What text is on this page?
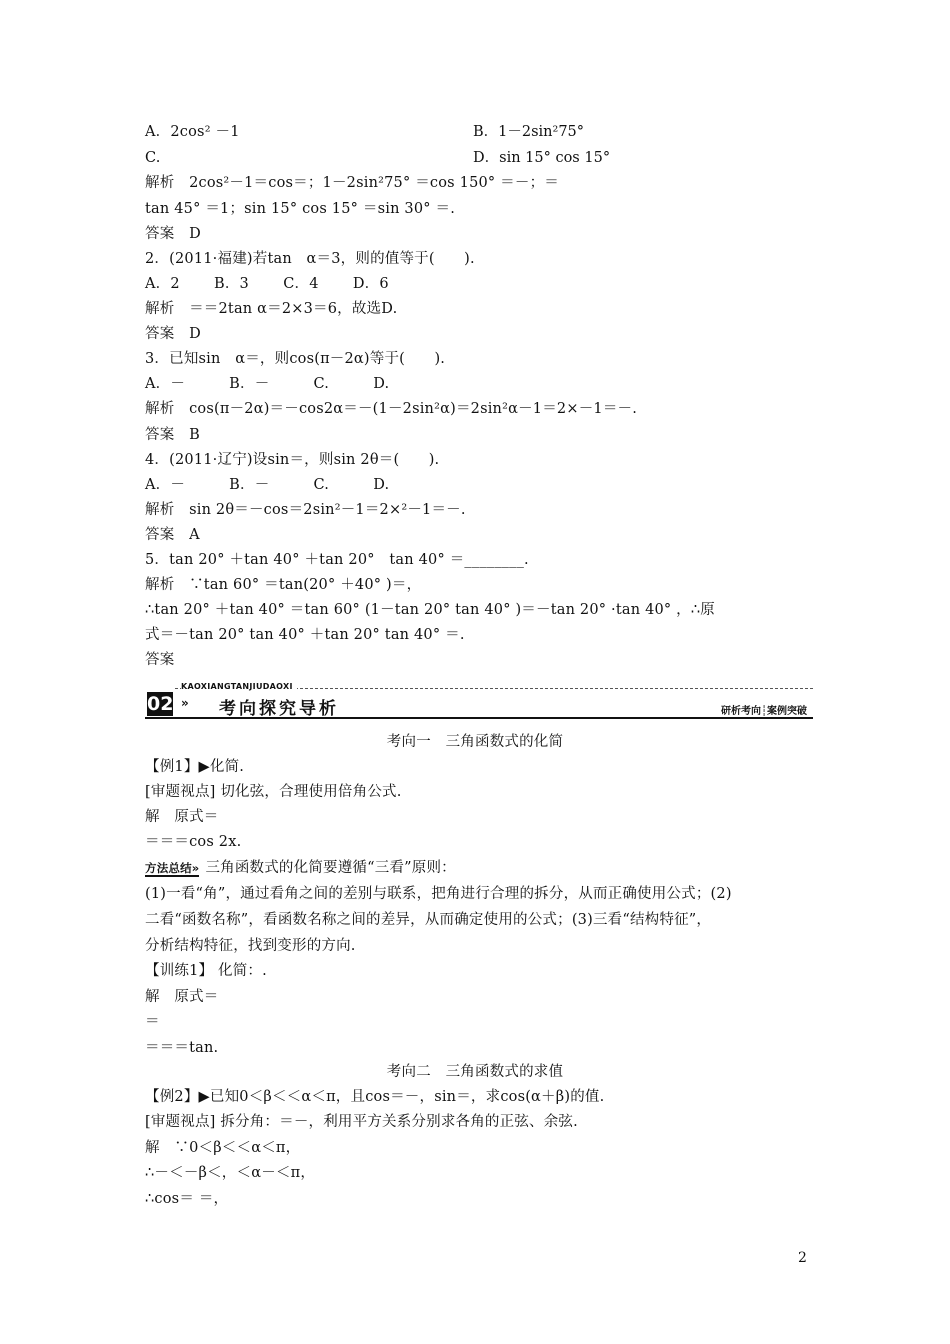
A．2cos² －1	B．1－2sin²75°
C.	D．sin 15° cos 15°
解析　2cos²－1＝cos＝；1－2sin²75° ＝cos 150° ＝－；＝
tan 45° ＝1；sin 15° cos 15° ＝sin 30° ＝.
答案　D
2．(2011·福建)若tan　α＝3，则的值等于(　　).
A．2　　 B．3　　 C．4　　 D．6
解析　＝＝2tan α＝2×3＝6，故选D.
答案　D
3．已知sin　α＝，则cos(π－2α)等于(　　).
A．－　　　B．－　　　C.　　　D.
解析　cos(π－2α)＝－cos2α＝－(1－2sin²α)＝2sin²α－1＝2×－1＝－.
答案　B
4．(2011·辽宁)设sin＝，则sin 2θ＝(　　).
A．－　　　B．－　　　C.　　　D.
解析　sin 2θ＝－cos＝2sin²－1＝2×²－1＝－.
答案　A
5．tan 20° ＋tan 40° ＋tan 20°　tan 40° ＝________.
解析　∵tan 60° ＝tan(20° ＋40° )＝，
∴tan 20° ＋tan 40° ＝tan 60° (1－tan 20° tan 40° )＝－tan 20° ·tan 40° ，∴原
式＝－tan 20° tan 40° ＋tan 20° tan 40° ＝.
答案
KAOXIANGTANJIUDAOXI
02 » 考向探究导析	研析考向┆案例突破
考向一　三角函数式的化简
【例1】▶化简.
[审题视点] 切化弦，合理使用倍角公式.
解　原式＝
＝＝＝cos 2x.
方法总结» 三角函数式的化简要遵循“三看”原则：
(1)一看“角”，通过看角之间的差别与联系，把角进行合理的拆分，从而正确使用公式；(2)
二看“函数名称”，看函数名称之间的差异，从而确定使用的公式；(3)三看“结构特征”，
分析结构特征，找到变形的方向.
【训练1】 化简：.
解　原式＝
＝
＝＝＝tan.
考向二　三角函数式的求值
【例2】▶已知0＜β＜＜α＜π，且cos＝－，sin＝，求cos(α＋β)的值.
[审题视点] 拆分角：＝－，利用平方关系分别求各角的正弦、余弦.
解　∵0＜β＜＜α＜π，
∴－＜－β＜，＜α－＜π，
∴cos＝ ＝，
2
